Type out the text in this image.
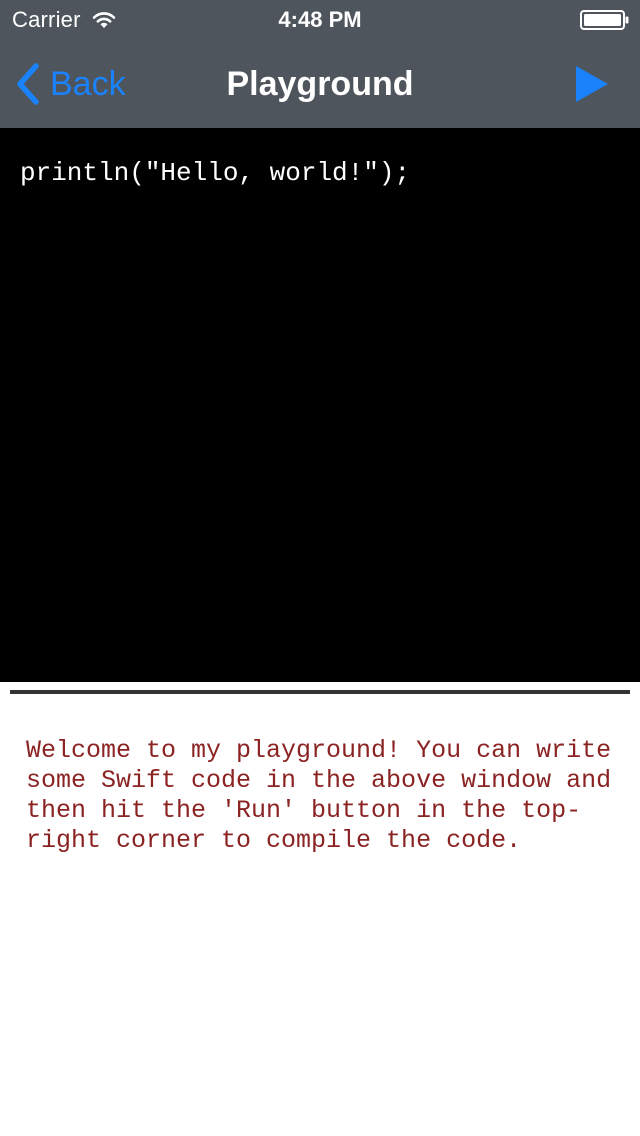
Carrier	4:48 PM
Back	Playground
println("Hello, world!");
Welcome to my playground! You can write some Swift code in the above window and then hit the 'Run' button in the top-right corner to compile the code.
